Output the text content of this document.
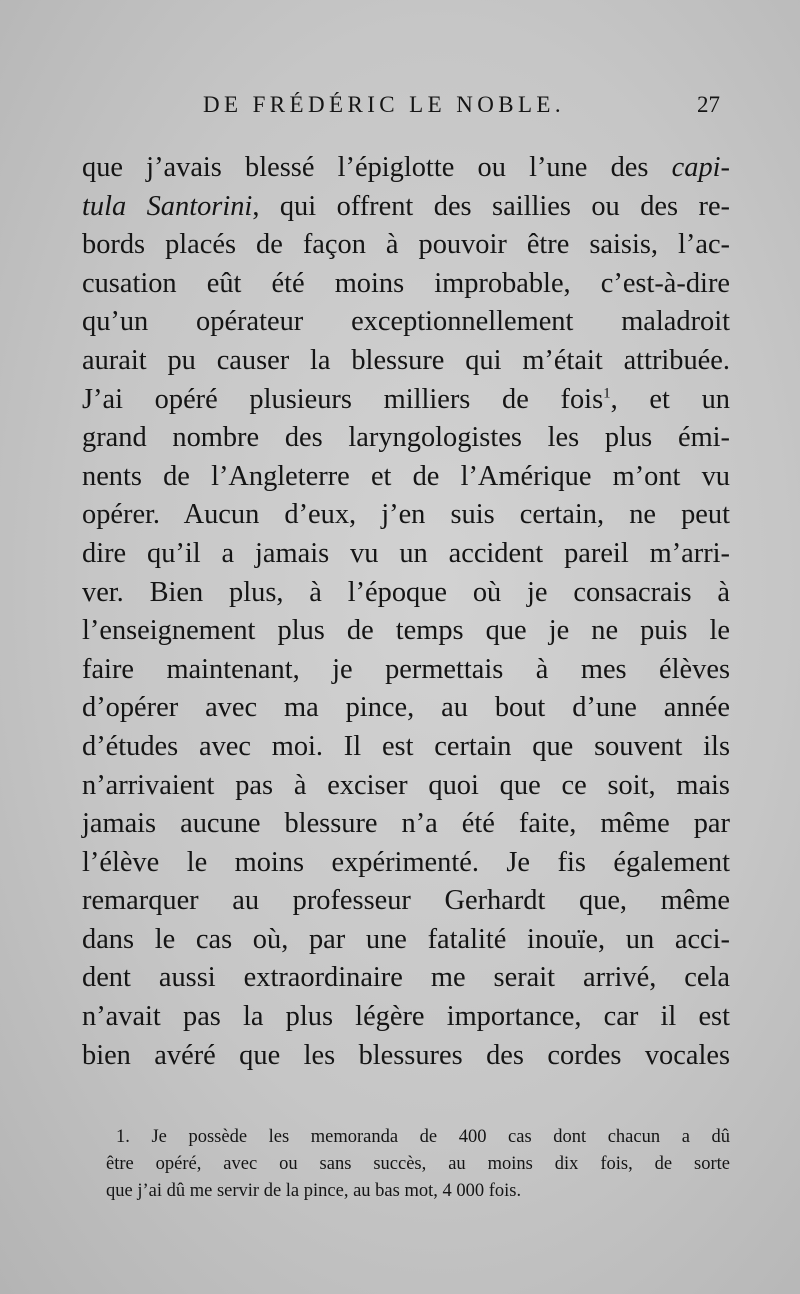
DE FRÉDÉRIC LE NOBLE.	27
que j’avais blessé l’épiglotte ou l’une des capi-
tula Santorini, qui offrent des saillies ou des re-
bords placés de façon à pouvoir être saisis, l’ac-
cusation eût été moins improbable, c’est-à-dire
qu’un opérateur exceptionnellement maladroit
aurait pu causer la blessure qui m’était attribuée.
J’ai opéré plusieurs milliers de fois$^1$, et un
grand nombre des laryngologistes les plus émi-
nents de l’Angleterre et de l’Amérique m’ont vu
opérer. Aucun d’eux, j’en suis certain, ne peut
dire qu’il a jamais vu un accident pareil m’arri-
ver. Bien plus, à l’époque où je consacrais à
l’enseignement plus de temps que je ne puis le
faire maintenant, je permettais à mes élèves
d’opérer avec ma pince, au bout d’une année
d’études avec moi. Il est certain que souvent ils
n’arrivaient pas à exciser quoi que ce soit, mais
jamais aucune blessure n’a été faite, même par
l’élève le moins expérimenté. Je fis également
remarquer au professeur Gerhardt que, même
dans le cas où, par une fatalité inouïe, un acci-
dent aussi extraordinaire me serait arrivé, cela
n’avait pas la plus légère importance, car il est
bien avéré que les blessures des cordes vocales
1. Je possède les memoranda de 400 cas dont chacun a dû
être opéré, avec ou sans succès, au moins dix fois, de sorte
que j’ai dû me servir de la pince, au bas mot, 4 000 fois.
